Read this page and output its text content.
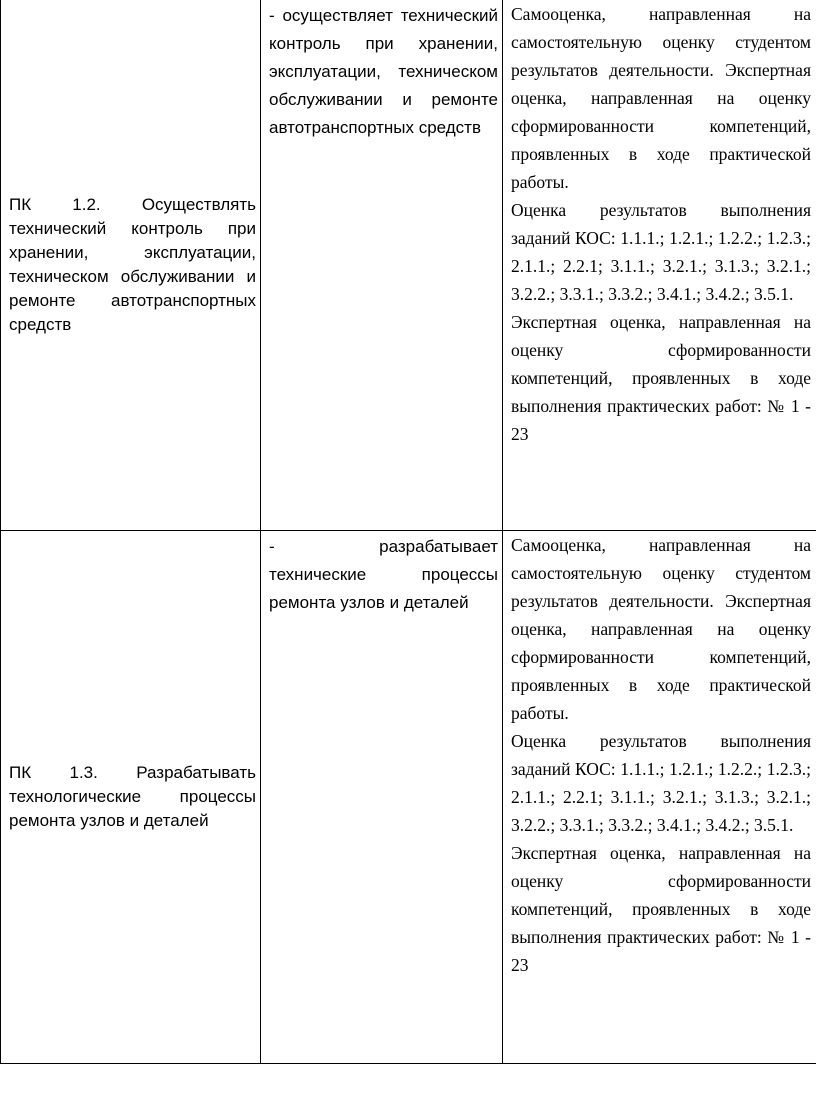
ПК 1.2. Осуществлять технический контроль при хранении, эксплуатации, техническом обслуживании и ремонте автотранспортных средств	- осуществляет технический контроль при хранении, эксплуатации, техническом обслуживании и ремонте автотранспортных средств	Самооценка, направленная на самостоятельную оценку студентом результатов деятельности. Экспертная оценка, направленная на оценку сформированности компетенций, проявленных в ходе практической работы.

Оценка результатов выполнения заданий КОС: 1.1.1.; 1.2.1.; 1.2.2.; 1.2.3.; 2.1.1.; 2.2.1; 3.1.1.; 3.2.1.; 3.1.3.; 3.2.1.; 3.2.2.; 3.3.1.; 3.3.2.; 3.4.1.; 3.4.2.; 3.5.1.

Экспертная оценка, направленная на оценку сформированности компетенций, проявленных в ходе выполнения практических работ: № 1 - 23

ПК 1.3. Разрабатывать технологические процессы ремонта узлов и деталей	- разрабатывает технические процессы ремонта узлов и деталей	Самооценка, направленная на самостоятельную оценку студентом результатов деятельности. Экспертная оценка, направленная на оценку сформированности компетенций, проявленных в ходе практической работы.

Оценка результатов выполнения заданий КОС: 1.1.1.; 1.2.1.; 1.2.2.; 1.2.3.; 2.1.1.; 2.2.1; 3.1.1.; 3.2.1.; 3.1.3.; 3.2.1.; 3.2.2.; 3.3.1.; 3.3.2.; 3.4.1.; 3.4.2.; 3.5.1.

Экспертная оценка, направленная на оценку сформированности компетенций, проявленных в ходе выполнения практических работ: № 1 - 23
